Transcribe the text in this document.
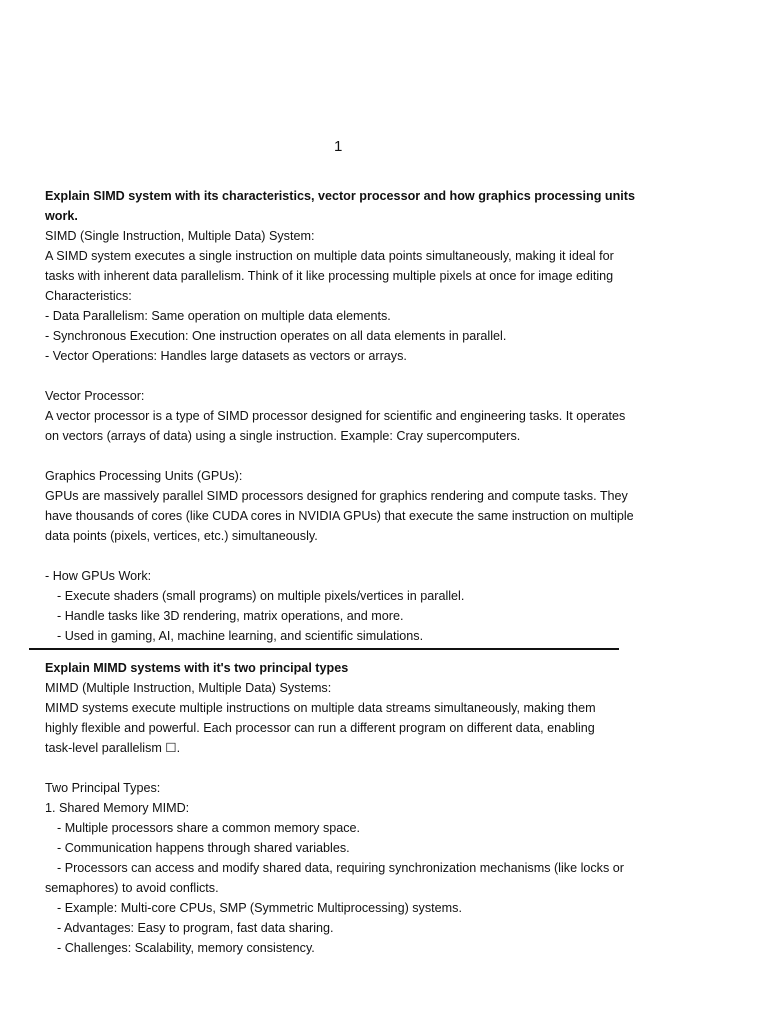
1
Explain SIMD system with its characteristics, vector processor and how graphics processing units
work.
SIMD (Single Instruction, Multiple Data) System:
A SIMD system executes a single instruction on multiple data points simultaneously, making it ideal for
tasks with inherent data parallelism. Think of it like processing multiple pixels at once for image editing
Characteristics:
- Data Parallelism: Same operation on multiple data elements.
- Synchronous Execution: One instruction operates on all data elements in parallel.
- Vector Operations: Handles large datasets as vectors or arrays.
Vector Processor:
A vector processor is a type of SIMD processor designed for scientific and engineering tasks. It operates
on vectors (arrays of data) using a single instruction. Example: Cray supercomputers.
Graphics Processing Units (GPUs):
GPUs are massively parallel SIMD processors designed for graphics rendering and compute tasks. They
have thousands of cores (like CUDA cores in NVIDIA GPUs) that execute the same instruction on multiple
data points (pixels, vertices, etc.) simultaneously.
- How GPUs Work:
- Execute shaders (small programs) on multiple pixels/vertices in parallel.
- Handle tasks like 3D rendering, matrix operations, and more.
- Used in gaming, AI, machine learning, and scientific simulations.
Explain MIMD systems with it's two principal types
MIMD (Multiple Instruction, Multiple Data) Systems:
MIMD systems execute multiple instructions on multiple data streams simultaneously, making them
highly flexible and powerful. Each processor can run a different program on different data, enabling
task-level parallelism ☐.
Two Principal Types:
1. Shared Memory MIMD:
- Multiple processors share a common memory space.
- Communication happens through shared variables.
- Processors can access and modify shared data, requiring synchronization mechanisms (like locks or
semaphores) to avoid conflicts.
- Example: Multi-core CPUs, SMP (Symmetric Multiprocessing) systems.
- Advantages: Easy to program, fast data sharing.
- Challenges: Scalability, memory consistency.
